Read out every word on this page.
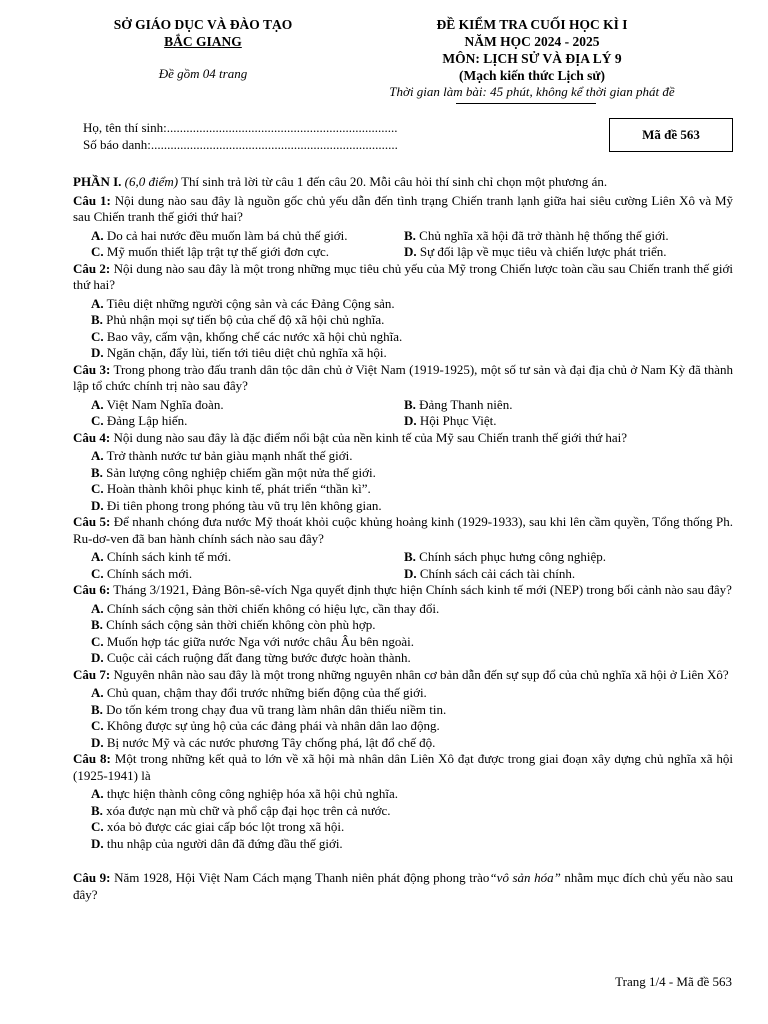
SỞ GIÁO DỤC VÀ ĐÀO TẠO
BẮC GIANG
Đề gồm 04 trang
ĐỀ KIỂM TRA CUỐI HỌC KÌ I
NĂM HỌC 2024 - 2025
MÔN: LỊCH SỬ VÀ ĐỊA LÝ 9
(Mạch kiến thức Lịch sử)
Thời gian làm bài: 45 phút, không kể thời gian phát đề
Họ, tên thí sinh:.......................................................................
Số báo danh:............................................................................
Mã đề 563
PHẦN I. (6,0 điểm) Thí sinh trả lời từ câu 1 đến câu 20. Mỗi câu hỏi thí sinh chỉ chọn một phương án.
Câu 1: Nội dung nào sau đây là nguồn gốc chủ yếu dẫn đến tình trạng Chiến tranh lạnh giữa hai siêu cường Liên Xô và Mỹ sau Chiến tranh thế giới thứ hai?
A. Do cả hai nước đều muốn làm bá chủ thế giới.	B. Chủ nghĩa xã hội đã trở thành hệ thống thế giới.
C. Mỹ muốn thiết lập trật tự thế giới đơn cực.	D. Sự đối lập về mục tiêu và chiến lược phát triển.
Câu 2: Nội dung nào sau đây là một trong những mục tiêu chủ yếu của Mỹ trong Chiến lược toàn cầu sau Chiến tranh thế giới thứ hai?
A. Tiêu diệt những người cộng sản và các Đảng Cộng sản.
B. Phủ nhận mọi sự tiến bộ của chế độ xã hội chủ nghĩa.
C. Bao vây, cấm vận, khống chế các nước xã hội chủ nghĩa.
D. Ngăn chặn, đẩy lùi, tiến tới tiêu diệt chủ nghĩa xã hội.
Câu 3: Trong phong trào đấu tranh dân tộc dân chủ ở Việt Nam (1919-1925), một số tư sản và đại địa chủ ở Nam Kỳ đã thành lập tổ chức chính trị nào sau đây?
A. Việt Nam Nghĩa đoàn.	B. Đảng Thanh niên.
C. Đảng Lập hiến.	D. Hội Phục Việt.
Câu 4: Nội dung nào sau đây là đặc điểm nổi bật của nền kinh tế của Mỹ sau Chiến tranh thế giới thứ hai?
A. Trở thành nước tư bản giàu mạnh nhất thế giới.
B. Sản lượng công nghiệp chiếm gần một nửa thế giới.
C. Hoàn thành khôi phục kinh tế, phát triển “thần kì”.
D. Đi tiên phong trong phóng tàu vũ trụ lên không gian.
Câu 5: Để nhanh chóng đưa nước Mỹ thoát khỏi cuộc khủng hoảng kinh (1929-1933), sau khi lên cầm quyền, Tổng thống Ph. Ru-dơ-ven đã ban hành chính sách nào sau đây?
A. Chính sách kinh tế mới.	B. Chính sách phục hưng công nghiệp.
C. Chính sách mới.	D. Chính sách cải cách tài chính.
Câu 6: Tháng 3/1921, Đảng Bôn-sê-vích Nga quyết định thực hiện Chính sách kinh tế mới (NEP) trong bối cảnh nào sau đây?
A. Chính sách cộng sản thời chiến không có hiệu lực, cần thay đổi.
B. Chính sách cộng sản thời chiến không còn phù hợp.
C. Muốn hợp tác giữa nước Nga với nước châu Âu bên ngoài.
D. Cuộc cải cách ruộng đất đang từng bước được hoàn thành.
Câu 7: Nguyên nhân nào sau đây là một trong những nguyên nhân cơ bản dẫn đến sự sụp đổ của chủ nghĩa xã hội ở Liên Xô?
A. Chủ quan, chậm thay đổi trước những biến động của thế giới.
B. Do tốn kém trong chạy đua vũ trang làm nhân dân thiếu niềm tin.
C. Không được sự ủng hộ của các đảng phái và nhân dân lao động.
D. Bị nước Mỹ và các nước phương Tây chống phá, lật đổ chế độ.
Câu 8: Một trong những kết quả to lớn về xã hội mà nhân dân Liên Xô đạt được trong giai đoạn xây dựng chủ nghĩa xã hội (1925-1941) là
A. thực hiện thành công công nghiệp hóa xã hội chủ nghĩa.
B. xóa được nạn mù chữ và phổ cập đại học trên cả nước.
C. xóa bỏ được các giai cấp bóc lột trong xã hội.
D. thu nhập của người dân đã đứng đầu thế giới.
Câu 9: Năm 1928, Hội Việt Nam Cách mạng Thanh niên phát động phong trào“vô sản hóa” nhằm mục đích chủ yếu nào sau đây?
Trang 1/4 - Mã đề 563
